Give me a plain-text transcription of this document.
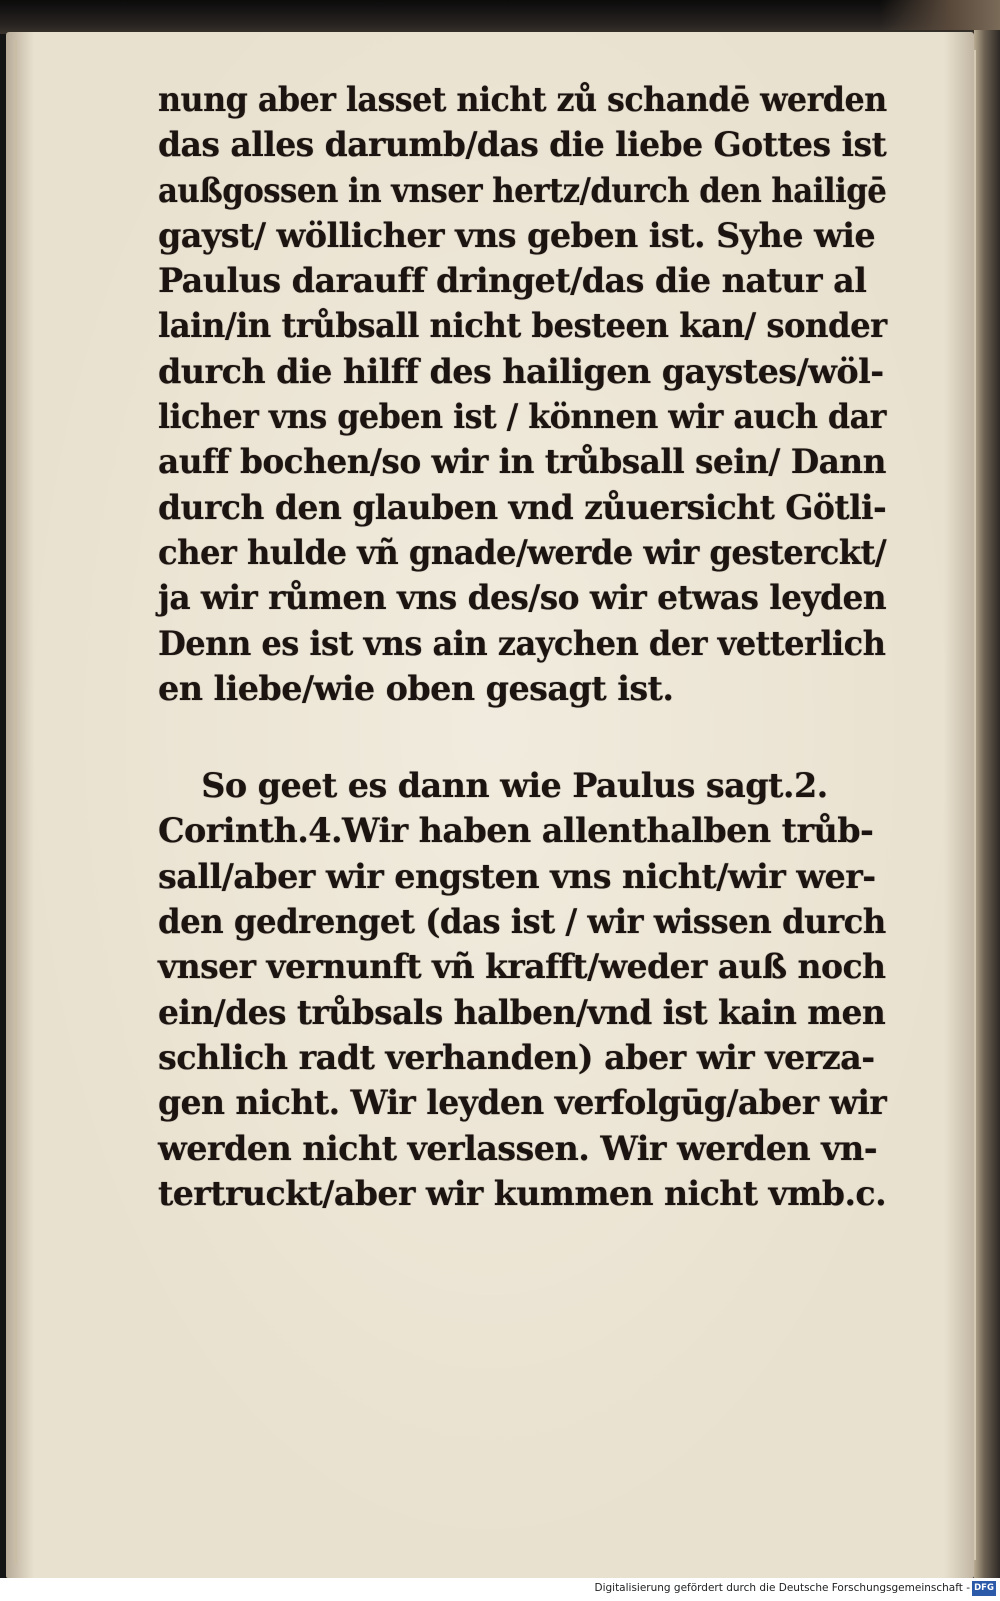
nung aber lasset nicht zů schandē werden
das alles darumb/das die liebe Gottes ist
außgossen in vnser hertz/durch den hailigē
gayst/ wöllicher vns geben ist. Syhe wie
Paulus darauff dringet/das die natur al
lain/in trůbsall nicht besteen kan/ sonder
durch die hilff des hailigen gaystes/wöl-
licher vns geben ist / können wir auch dar
auff bochen/so wir in trůbsall sein/ Dann
durch den glauben vnd zůuersicht Götli-
cher hulde vñ gnade/werde wir gesterckt/
ja wir růmen vns des/so wir etwas leyden
Denn es ist vns ain zaychen der vetterlich
en liebe/wie oben gesagt ist.
So geet es dann wie Paulus sagt.2.
Corinth.4.Wir haben allenthalben trůb-
sall/aber wir engsten vns nicht/wir wer-
den gedrenget (das ist / wir wissen durch
vnser vernunft vñ krafft/weder auß noch
ein/des trůbsals halben/vnd ist kain men
schlich radt verhanden) aber wir verza-
gen nicht. Wir leyden verfolgūg/aber wir
werden nicht verlassen. Wir werden vn-
tertruckt/aber wir kummen nicht vmb.c.
Digitalisierung gefördert durch die Deutsche Forschungsgemeinschaft - DFG
